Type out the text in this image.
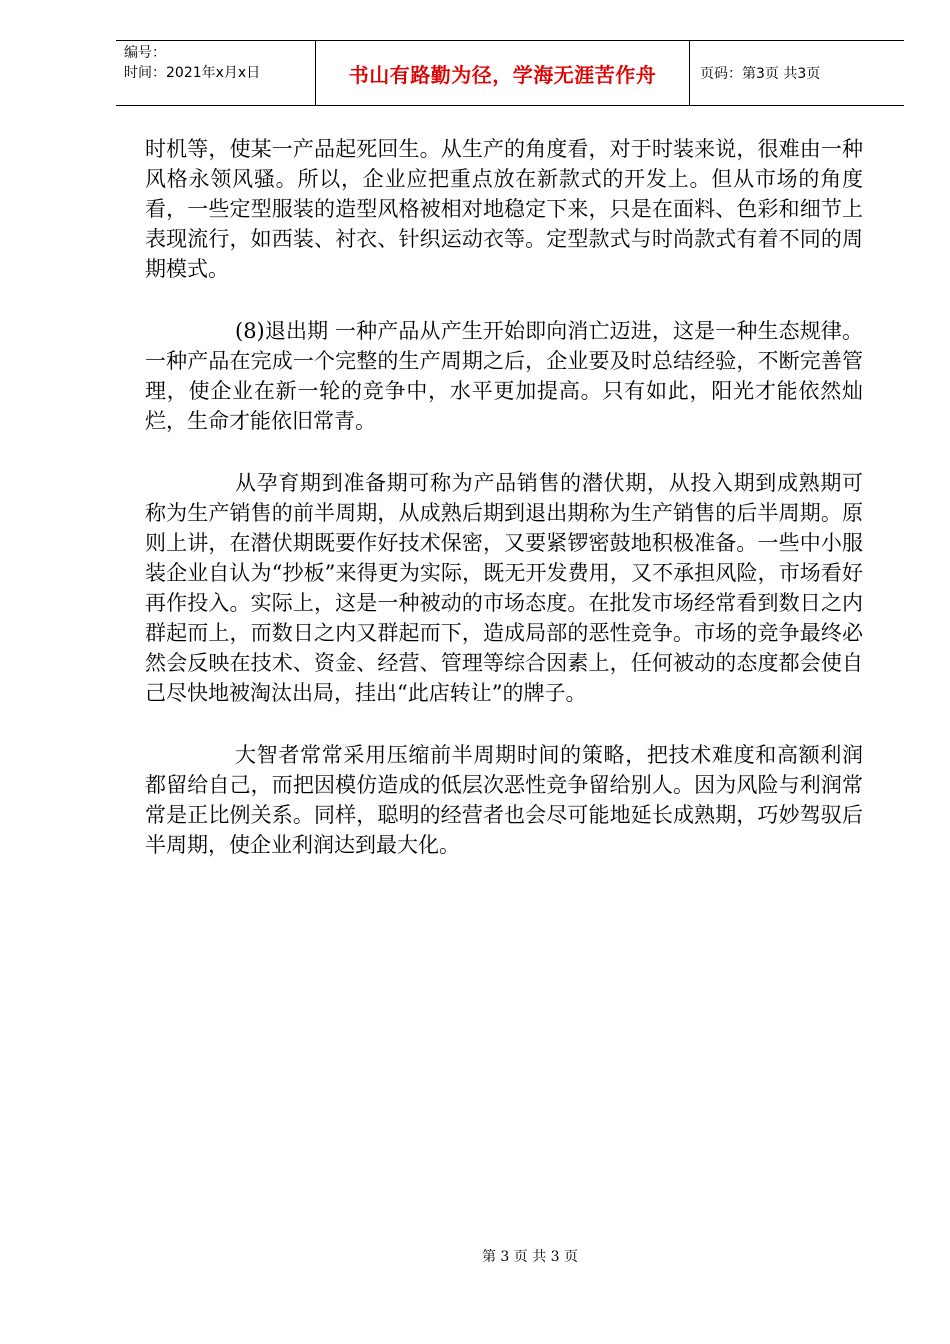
编号：
时间：2021年x月x日	书山有路勤为径，学海无涯苦作舟	页码：第3页 共3页

时机等，使某一产品起死回生。从生产的角度看，对于时装来说，很难由一种风格永领风骚。所以，企业应把重点放在新款式的开发上。但从市场的角度看，一些定型服装的造型风格被相对地稳定下来，只是在面料、色彩和细节上表现流行，如西装、衬衣、针织运动衣等。定型款式与时尚款式有着不同的周期模式。

(8)退出期 一种产品从产生开始即向消亡迈进，这是一种生态规律。一种产品在完成一个完整的生产周期之后，企业要及时总结经验，不断完善管理，使企业在新一轮的竞争中，水平更加提高。只有如此，阳光才能依然灿烂，生命才能依旧常青。

从孕育期到准备期可称为产品销售的潜伏期，从投入期到成熟期可称为生产销售的前半周期，从成熟后期到退出期称为生产销售的后半周期。原则上讲，在潜伏期既要作好技术保密，又要紧锣密鼓地积极准备。一些中小服装企业自认为“抄板”来得更为实际，既无开发费用，又不承担风险，市场看好再作投入。实际上，这是一种被动的市场态度。在批发市场经常看到数日之内群起而上，而数日之内又群起而下，造成局部的恶性竞争。市场的竞争最终必然会反映在技术、资金、经营、管理等综合因素上，任何被动的态度都会使自己尽快地被淘汰出局，挂出“此店转让”的牌子。

大智者常常采用压缩前半周期时间的策略，把技术难度和高额利润都留给自己，而把因模仿造成的低层次恶性竞争留给别人。因为风险与利润常常是正比例关系。同样，聪明的经营者也会尽可能地延长成熟期，巧妙驾驭后半周期，使企业利润达到最大化。

第 3 页 共 3 页
